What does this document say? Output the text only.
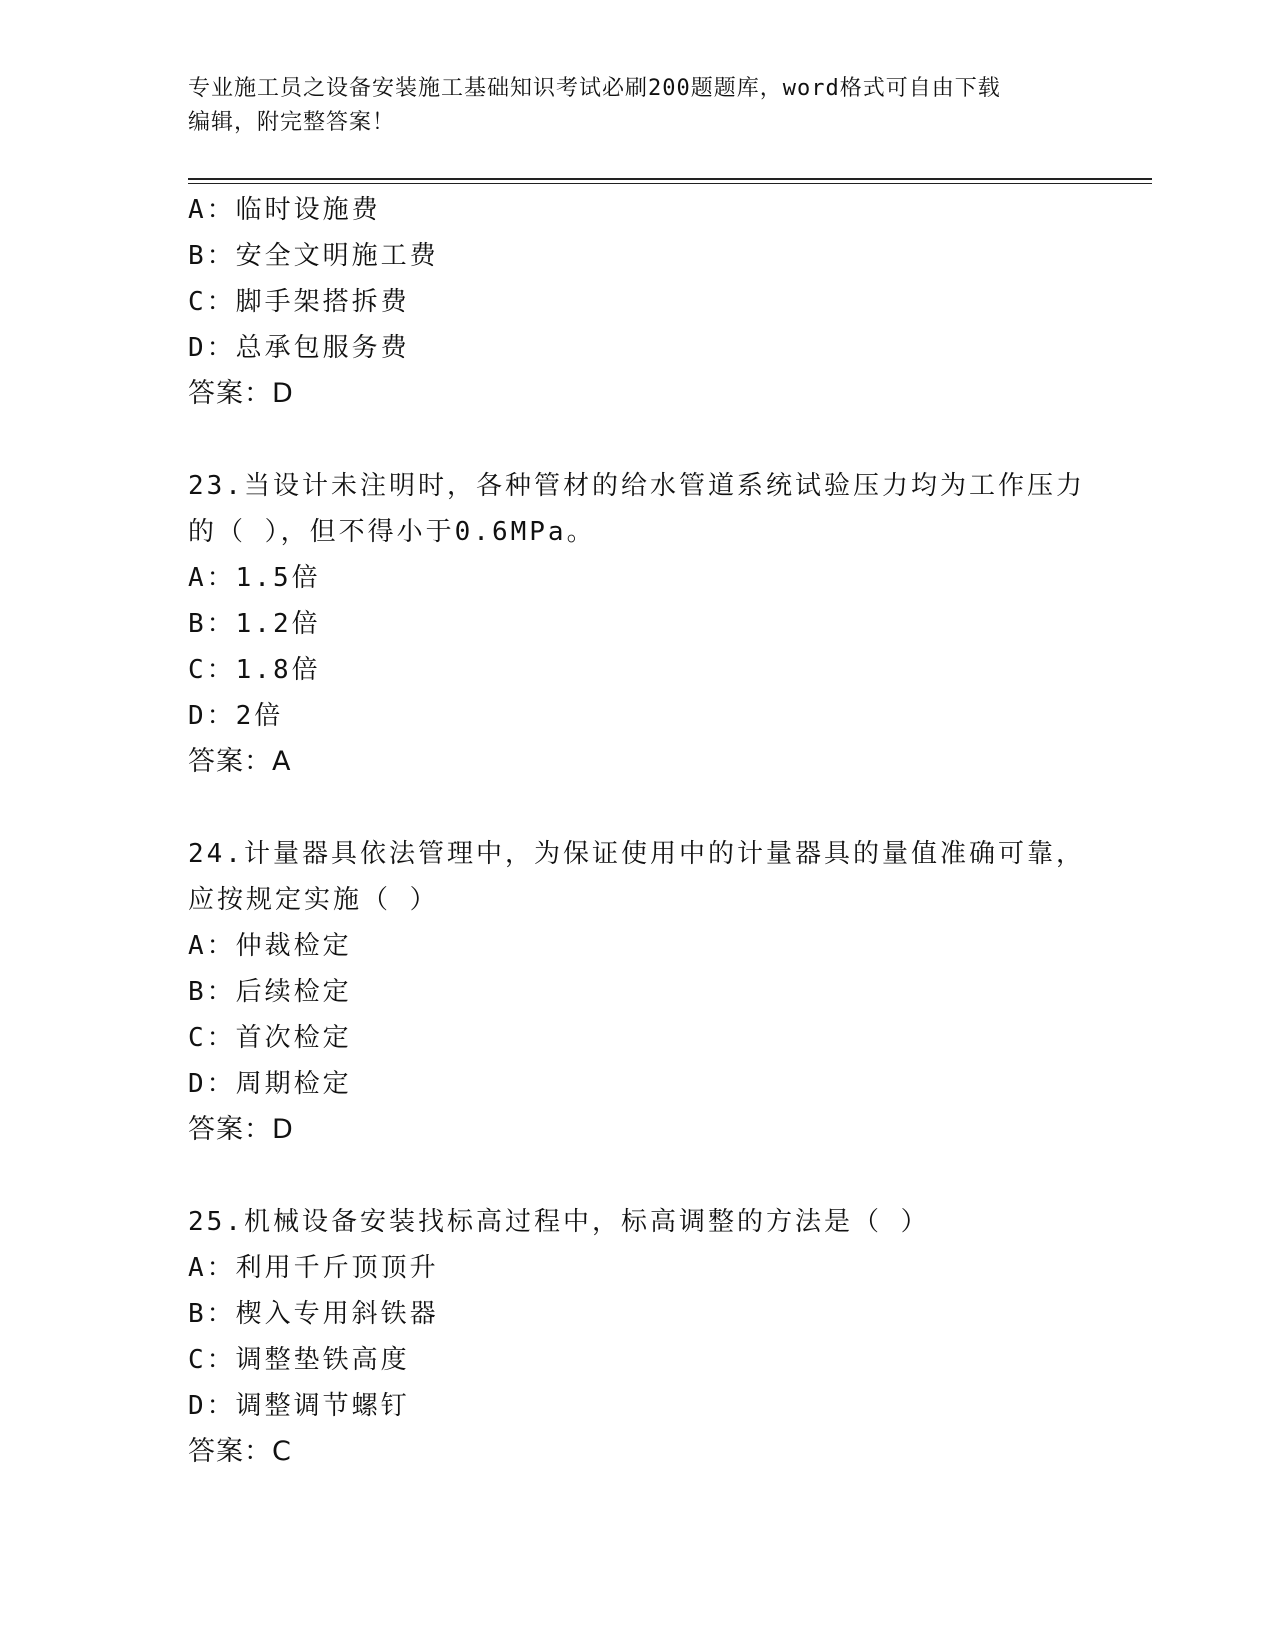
专业施工员之设备安装施工基础知识考试必刷200题题库，word格式可自由下载
编辑，附完整答案！
A：临时设施费
B：安全文明施工费
C：脚手架搭拆费
D：总承包服务费
答案：D
23.当设计未注明时，各种管材的给水管道系统试验压力均为工作压力
的（ ），但不得小于0.6MPa。
A：1.5倍
B：1.2倍
C：1.8倍
D：2倍
答案：A
24.计量器具依法管理中，为保证使用中的计量器具的量值准确可靠，
应按规定实施（ ）
A：仲裁检定
B：后续检定
C：首次检定
D：周期检定
答案：D
25.机械设备安装找标高过程中，标高调整的方法是（ ）
A：利用千斤顶顶升
B：楔入专用斜铁器
C：调整垫铁高度
D：调整调节螺钉
答案：C
